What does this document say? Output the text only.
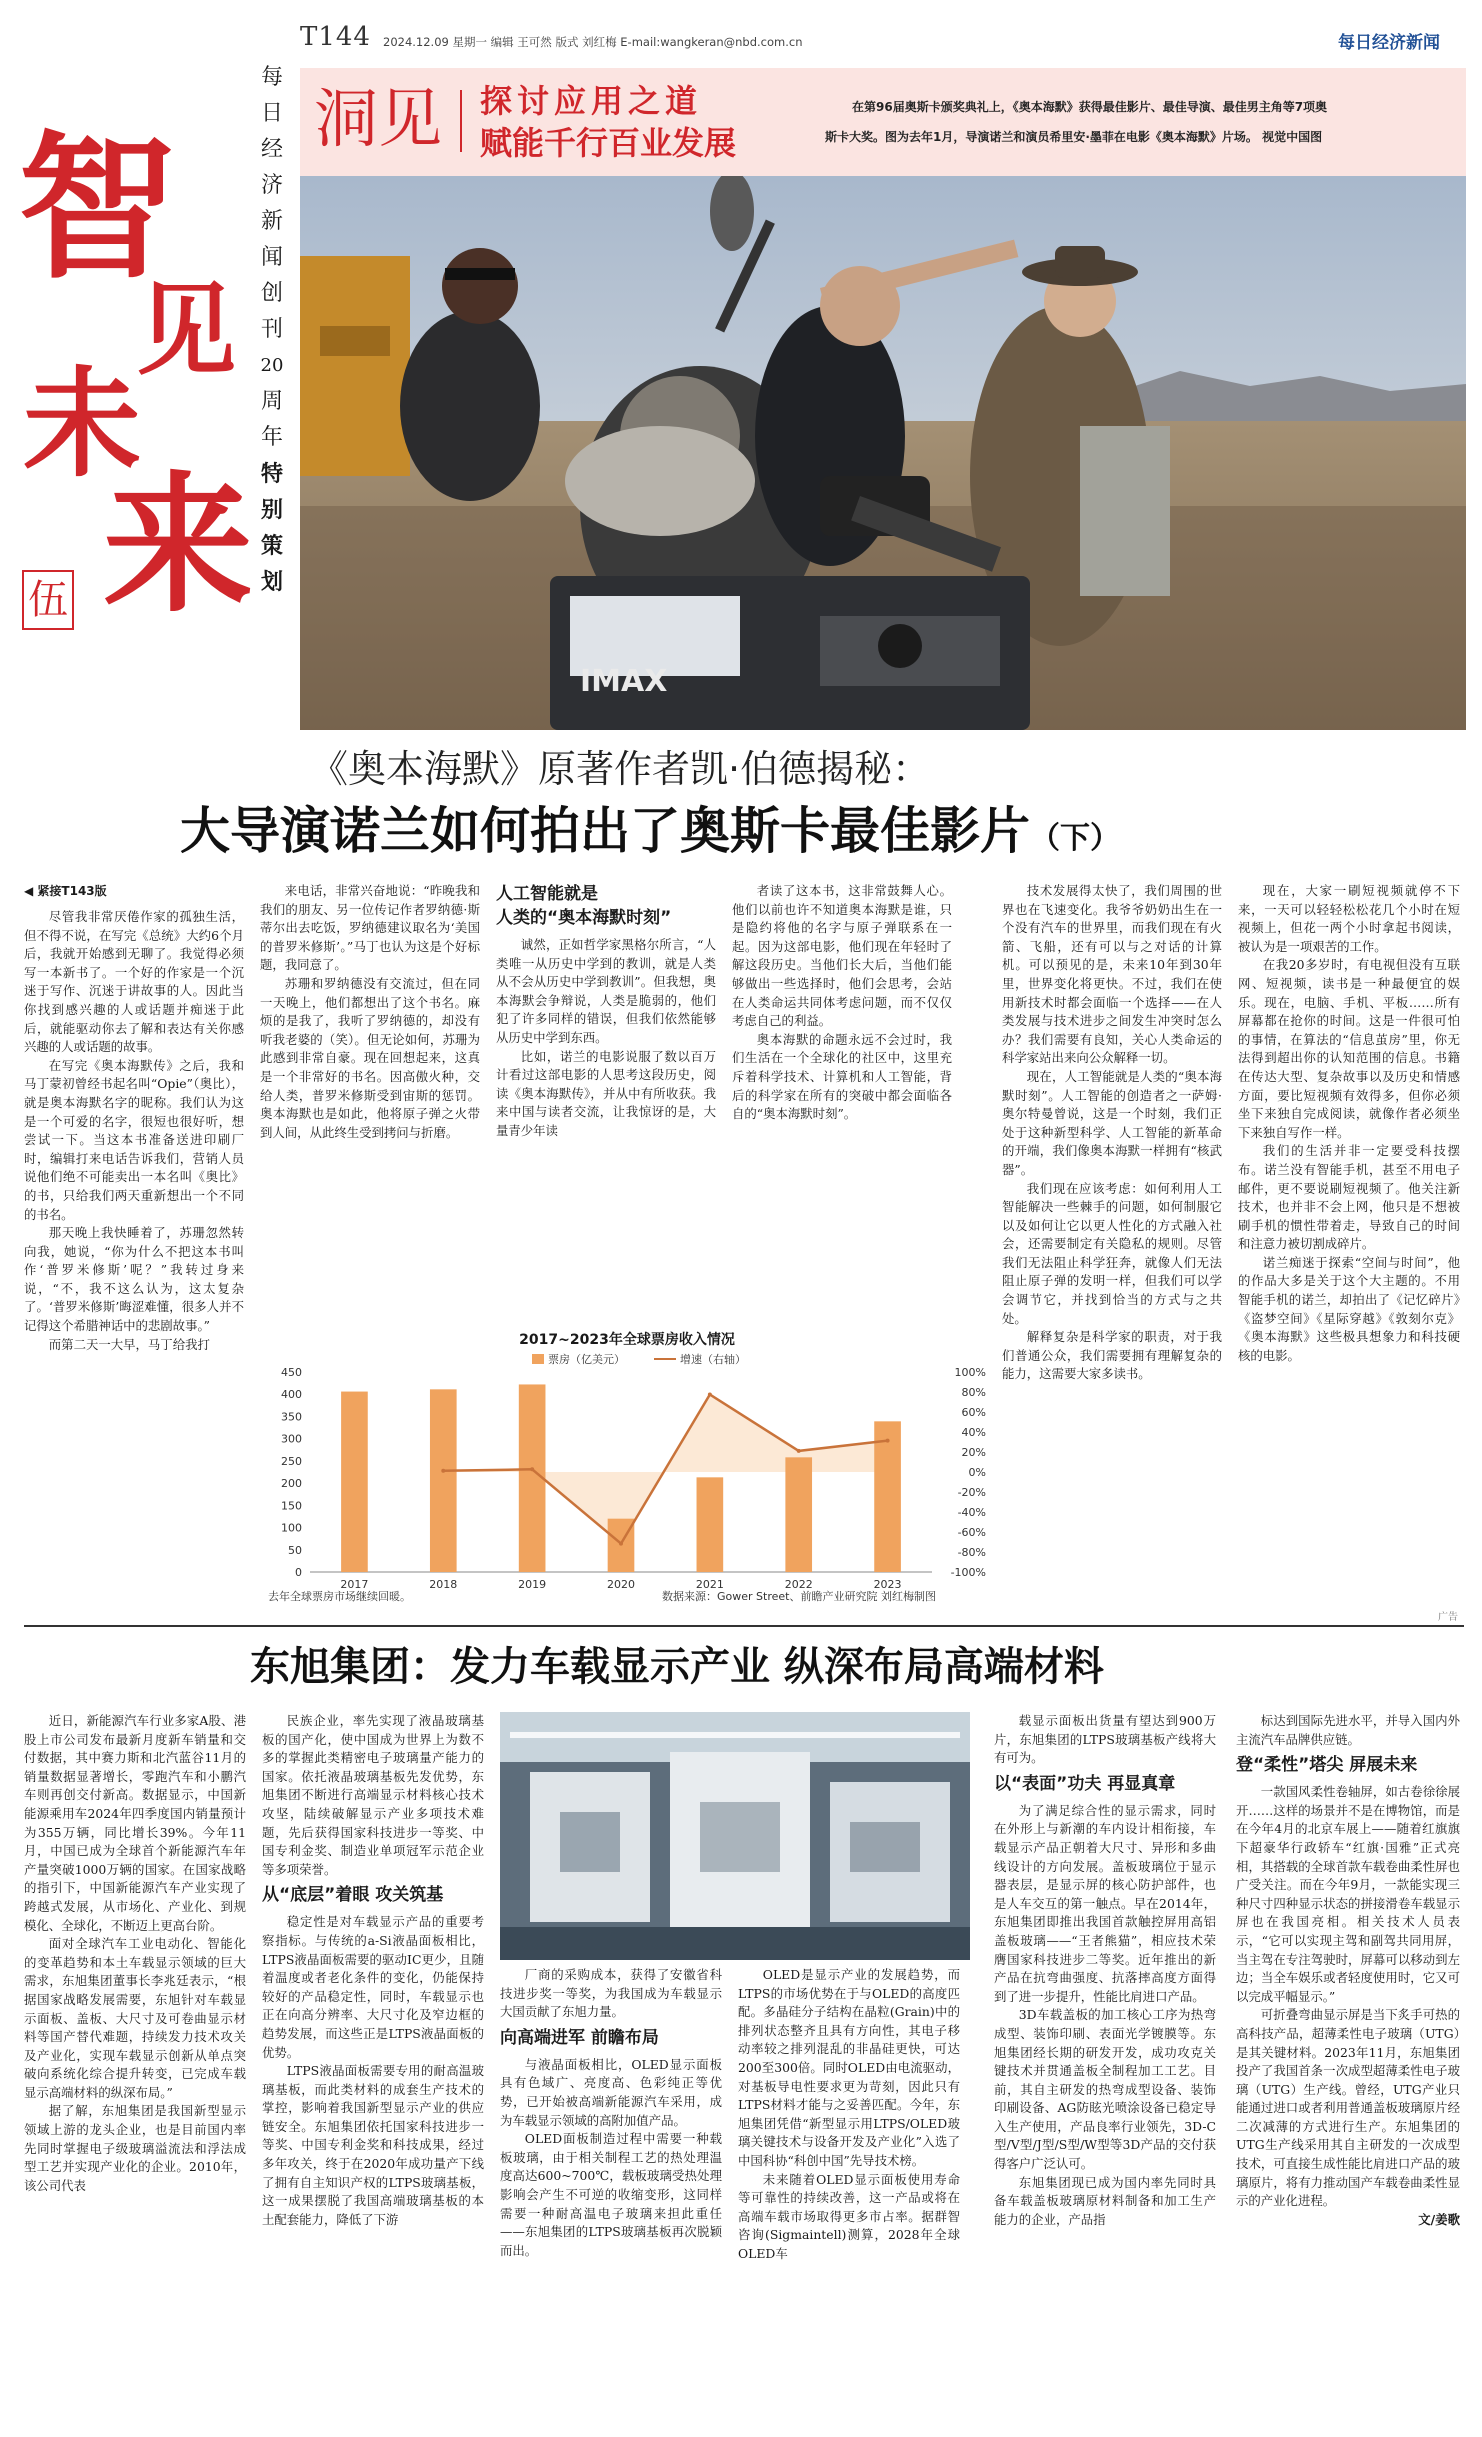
T144 2024.12.09 星期一 编辑 王可然 版式 刘红梅 E-mail:wangkeran@nbd.com.cn	每日经济新闻
每
日
经
济
新
闻
创
刊
20
周
年
特
别
策
划
智
见
未
来
伍
洞见 探讨应用之道
赋能千行百业发展
在第96届奥斯卡颁奖典礼上，《奥本海默》获得最佳影片、最佳导演、最佳男主角等7项奥
斯卡大奖。图为去年1月，导演诺兰和演员希里安·墨菲在电影《奥本海默》片场。 视觉中国图
IMAX
《奥本海默》原著作者凯·伯德揭秘：
大导演诺兰如何拍出了奥斯卡最佳影片（下）
◀ 紧接T143版

尽管我非常厌倦作家的孤独生活，但不得不说，在写完《总统》大约6个月后，我就开始感到无聊了。我觉得必须写一本新书了。一个好的作家是一个沉迷于写作、沉迷于讲故事的人。因此当你找到感兴趣的人或话题并痴迷于此后，就能驱动你去了解和表达有关你感兴趣的人或话题的故事。

在写完《奥本海默传》之后，我和马丁蒙初曾经书起名叫“Opie”（奥比），就是奥本海默名字的昵称。我们认为这是一个可爱的名字，很短也很好听，想尝试一下。当这本书准备送进印刷厂时，编辑打来电话告诉我们，营销人员说他们绝不可能卖出一本名叫《奥比》的书，只给我们两天重新想出一个不同的书名。

那天晚上我快睡着了，苏珊忽然转向我，她说，“你为什么不把这本书叫作‘普罗米修斯’呢？”我转过身来说，“不，我不这么认为，这太复杂了。‘普罗米修斯’晦涩难懂，很多人并不记得这个希腊神话中的悲剧故事。”

而第二天一大早，马丁给我打

来电话，非常兴奋地说：“昨晚我和我们的朋友、另一位传记作者罗纳德·斯蒂尔出去吃饭，罗纳德建议取名为‘美国的普罗米修斯’。”马丁也认为这是个好标题，我同意了。

苏珊和罗纳德没有交流过，但在同一天晚上，他们都想出了这个书名。麻烦的是我了，我听了罗纳德的，却没有听我老婆的（笑）。但无论如何，苏珊为此感到非常自豪。现在回想起来，这真是一个非常好的书名。因高傲火种，交给人类，普罗米修斯受到宙斯的惩罚。奥本海默也是如此，他将原子弹之火带到人间，从此终生受到拷问与折磨。

人工智能就是
人类的“奥本海默时刻”

诚然，正如哲学家黑格尔所言，“人类唯一从历史中学到的教训，就是人类从不会从历史中学到教训”。但我想，奥本海默会争辩说，人类是脆弱的，他们犯了许多同样的错误，但我们依然能够从历史中学到东西。

比如，诺兰的电影说服了数以百万计看过这部电影的人思考这段历史，阅读《奥本海默传》，并从中有所收获。我来中国与读者交流，让我惊讶的是，大量青少年读

者读了这本书，这非常鼓舞人心。他们以前也许不知道奥本海默是谁，只是隐约将他的名字与原子弹联系在一起。因为这部电影，他们现在年轻时了解这段历史。当他们长大后，当他们能够做出一些选择时，他们会思考，会站在人类命运共同体考虑问题，而不仅仅考虑自己的利益。

奥本海默的命题永远不会过时，我们生活在一个全球化的社区中，这里充斥着科学技术、计算机和人工智能，背后的科学家在所有的突破中都会面临各自的“奥本海默时刻”。

技术发展得太快了，我们周围的世界也在飞速变化。我爷爷奶奶出生在一个没有汽车的世界里，而我们现在有火箭、飞船，还有可以与之对话的计算机。可以预见的是，未来10年到30年里，世界变化将更快。不过，我们在使用新技术时都会面临一个选择——在人类发展与技术进步之间发生冲突时怎么办？我们需要有良知，关心人类命运的科学家站出来向公众解释一切。

现在，人工智能就是人类的“奥本海默时刻”。人工智能的创造者之一萨姆·奥尔特曼曾说，这是一个时刻，我们正处于这种新型科学、人工智能的新革命的开端，我们像奥本海默一样拥有“核武器”。

我们现在应该考虑：如何利用人工智能解决一些棘手的问题，如何制服它以及如何让它以更人性化的方式融入社会，还需要制定有关隐私的规则。尽管我们无法阻止科学狂奔，就像人们无法阻止原子弹的发明一样，但我们可以学会调节它，并找到恰当的方式与之共处。

解释复杂是科学家的职责，对于我们普通公众，我们需要拥有理解复杂的能力，这需要大家多读书。

现在，大家一刷短视频就停不下来，一天可以轻轻松松花几个小时在短视频上，但花一两个小时拿起书阅读，被认为是一项艰苦的工作。

在我20多岁时，有电视但没有互联网、短视频，读书是一种最便宜的娱乐。现在，电脑、手机、平板……所有屏幕都在抢你的时间。这是一件很可怕的事情，在算法的“信息茧房”里，你无法得到超出你的认知范围的信息。书籍在传达大型、复杂故事以及历史和情感方面，要比短视频有效得多，但你必须坐下来独自完成阅读，就像作者必须坐下来独自写作一样。

我们的生活并非一定要受科技摆布。诺兰没有智能手机，甚至不用电子邮件，更不要说刷短视频了。他关注新技术，也并非不会上网，他只是不想被刷手机的惯性带着走，导致自己的时间和注意力被切割成碎片。

诺兰痴迷于探索“空间与时间”，他的作品大多是关于这个大主题的。不用智能手机的诺兰，却拍出了《记忆碎片》《盗梦空间》《星际穿越》《敦刻尔克》《奥本海默》这些极具想象力和科技硬核的电影。

广告
2017~2023年全球票房收入情况
票房（亿美元）	增速（右轴）
0
50
100
150
200
250
300
350
400
450
-100%
-80%
-60%
-40%
-20%
0%
20%
40%
60%
80%
100%
2017	2018	2019	2020	2021	2022	2023
去年全球票房市场继续回暖。	数据来源：Gower Street、前瞻产业研究院 刘红梅制图
东旭集团：发力车载显示产业 纵深布局高端材料

近日，新能源汽车行业多家A股、港股上市公司发布最新月度新车销量和交付数据，其中赛力斯和北汽蓝谷11月的销量数据显著增长，零跑汽车和小鹏汽车则再创交付新高。数据显示，中国新能源乘用车2024年四季度国内销量预计为355万辆，同比增长39%。今年11月，中国已成为全球首个新能源汽车年产量突破1000万辆的国家。在国家战略的指引下，中国新能源汽车产业实现了跨越式发展，从市场化、产业化、到规模化、全球化，不断迈上更高台阶。

面对全球汽车工业电动化、智能化的变革趋势和本土车载显示领域的巨大需求，东旭集团董事长李兆廷表示，“根据国家战略发展需要，东旭针对车载显示面板、盖板、大尺寸及可卷曲显示材料等国产替代难题，持续发力技术攻关及产业化，实现车载显示创新从单点突破向系统化综合提升转变，已完成车载显示高端材料的纵深布局。”

据了解，东旭集团是我国新型显示领域上游的龙头企业，也是目前国内率先同时掌握电子级玻璃溢流法和浮法成型工艺并实现产业化的企业。2010年，该公司代表

民族企业，率先实现了液晶玻璃基板的国产化，使中国成为世界上为数不多的掌握此类精密电子玻璃量产能力的国家。依托液晶玻璃基板先发优势，东旭集团不断进行高端显示材料核心技术攻坚，陆续破解显示产业多项技术难题，先后获得国家科技进步一等奖、中国专利金奖、制造业单项冠军示范企业等多项荣誉。

从“底层”着眼 攻关筑基

稳定性是对车载显示产品的重要考察指标。与传统的a-Si液晶面板相比，LTPS液晶面板需要的驱动IC更少，且随着温度或者老化条件的变化，仍能保持较好的产品稳定性，同时，车载显示也正在向高分辨率、大尺寸化及窄边框的趋势发展，而这些正是LTPS液晶面板的优势。

LTPS液晶面板需要专用的耐高温玻璃基板，而此类材料的成套生产技术的掌控，影响着我国新型显示产业的供应链安全。东旭集团依托国家科技进步一等奖、中国专利金奖和科技成果，经过多年攻关，终于在2020年成功量产下线了拥有自主知识产权的LTPS玻璃基板，这一成果摆脱了我国高端玻璃基板的本土配套能力，降低了下游

厂商的采购成本，获得了安徽省科技进步奖一等奖，为我国成为车载显示大国贡献了东旭力量。

向高端进军 前瞻布局

与液晶面板相比，OLED显示面板具有色域广、亮度高、色彩纯正等优势，已开始被高端新能源汽车采用，成为车载显示领域的高附加值产品。

OLED面板制造过程中需要一种载板玻璃，由于相关制程工艺的热处理温度高达600~700℃，载板玻璃受热处理影响会产生不可逆的收缩变形，这同样需要一种耐高温电子玻璃来担此重任——东旭集团的LTPS玻璃基板再次脱颖而出。

OLED是显示产业的发展趋势，而LTPS的市场优势在于与OLED的高度匹配。多晶硅分子结构在晶粒(Grain)中的排列状态整齐且具有方向性，其电子移动率较之排列混乱的非晶硅更快，可达200至300倍。同时OLED由电流驱动，对基板导电性要求更为苛刻，因此只有LTPS材料才能与之妥善匹配。今年，东旭集团凭借“新型显示用LTPS/OLED玻璃关键技术与设备开发及产业化”入选了中国科协“科创中国”先导技术榜。

未来随着OLED显示面板使用寿命等可靠性的持续改善，这一产品或将在高端车载市场取得更多市占率。据群智咨询(Sigmaintell)测算，2028年全球OLED车

载显示面板出货量有望达到900万片，东旭集团的LTPS玻璃基板产线将大有可为。

以“表面”功夫 再显真章

为了满足综合性的显示需求，同时在外形上与新潮的车内设计相衔接，车载显示产品正朝着大尺寸、异形和多曲线设计的方向发展。盖板玻璃位于显示器表层，是显示屏的核心防护部件，也是人车交互的第一触点。早在2014年，东旭集团即推出我国首款触控屏用高铝盖板玻璃——“王者熊猫”，相应技术荣膺国家科技进步二等奖。近年推出的新产品在抗弯曲强度、抗落摔高度方面得到了进一步提升，性能比肩进口产品。

3D车载盖板的加工核心工序为热弯成型、装饰印刷、表面光学镀膜等。东旭集团经长期的研发开发，成功攻克关键技术并贯通盖板全制程加工工艺。目前，其自主研发的热弯成型设备、装饰印刷设备、AG防眩光喷涂设备已稳定导入生产使用，产品良率行业领先，3D-C型/V型/J型/S型/W型等3D产品的交付获得客户广泛认可。

东旭集团现已成为国内率先同时具备车载盖板玻璃原材料制备和加工生产能力的企业，产品指

标达到国际先进水平，并导入国内外主流汽车品牌供应链。

登“柔性”塔尖 屏展未来

一款国风柔性卷轴屏，如古卷徐徐展开……这样的场景并不是在博物馆，而是在今年4月的北京车展上——随着红旗旗下超豪华行政轿车“红旗·国雅”正式亮相，其搭载的全球首款车载卷曲柔性屏也广受关注。而在今年9月，一款能实现三种尺寸四种显示状态的拼接滑卷车载显示屏也在我国亮相。相关技术人员表示，“它可以实现主驾和副驾共同用屏，当主驾在专注驾驶时，屏幕可以移动到左边；当全车娱乐或者轻度使用时，它又可以完成平幅显示。”

可折叠弯曲显示屏是当下炙手可热的高科技产品，超薄柔性电子玻璃（UTG）是其关键材料。2023年11月，东旭集团投产了我国首条一次成型超薄柔性电子玻璃（UTG）生产线。曾经，UTG产业只能通过进口或者利用普通盖板玻璃原片经二次减薄的方式进行生产。东旭集团的UTG生产线采用其自主研发的一次成型技术，可直接生成性能比肩进口产品的玻璃原片，将有力推动国产车载卷曲柔性显示的产业化进程。

文/姜歌
